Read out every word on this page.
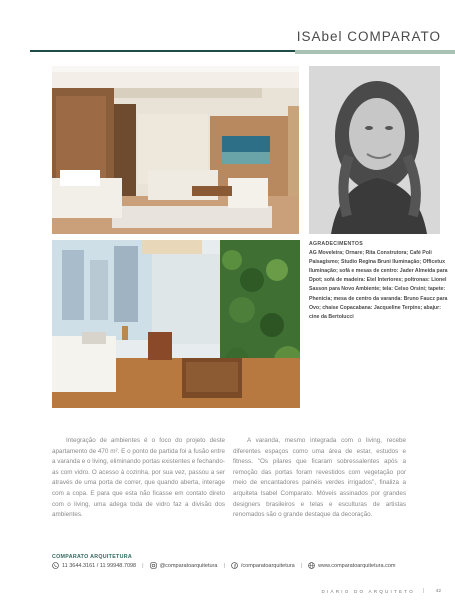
ISAbel COMPARATO
AGRADECIMENTOS
AG Moveleira; Ornare; Rita Construtora; Café Poli Paisagismo; Studio Regina Bruni Iluminação; Officetux Iluminação; sofá e mesas de centro: Jader Almeida para Dpot; sofá de madeira: Etel Interiores; poltronas: Lionel Sasson para Novo Ambiente; tela: Celso Orsini; tapete: Phenicia; mesa de centro da varanda: Bruno Faucz para Ovo; chaise Copacabana: Jacqueline Terpins; abajur: cine da Bertolucci

Integração de ambientes é o foco do projeto deste apartamento de 470 m². E o ponto de partida foi a fusão entre a varanda e o living, eliminando portas existentes e fechando-as com vidro. O acesso à cozinha, por sua vez, passou a ser através de uma porta de correr, que quando aberta, interage com a copa. E para que esta não ficasse em contato direto com o living, uma adega toda de vidro faz a divisão dos ambientes.

A varanda, mesmo integrada com o living, recebe diferentes espaços como uma área de estar, estudos e fitness. "Os pilares que ficaram sobressalentes após a remoção das portas foram revestidos com vegetação por meio de encantadores painéis verdes irrigados", finaliza a arquiteta Isabel Comparato. Móveis assinados por grandes designers brasileiros e telas e esculturas de artistas renomados são o grande destaque da decoração.

COMPARATO ARQUITETURA
11 3644.3161 / 11 99948.7098 |	@comparatoarquitetura |	/comparatoarquitetura |	www.comparatoarquitetura.com
DIÁRIO DO ARQUITETO | 42
